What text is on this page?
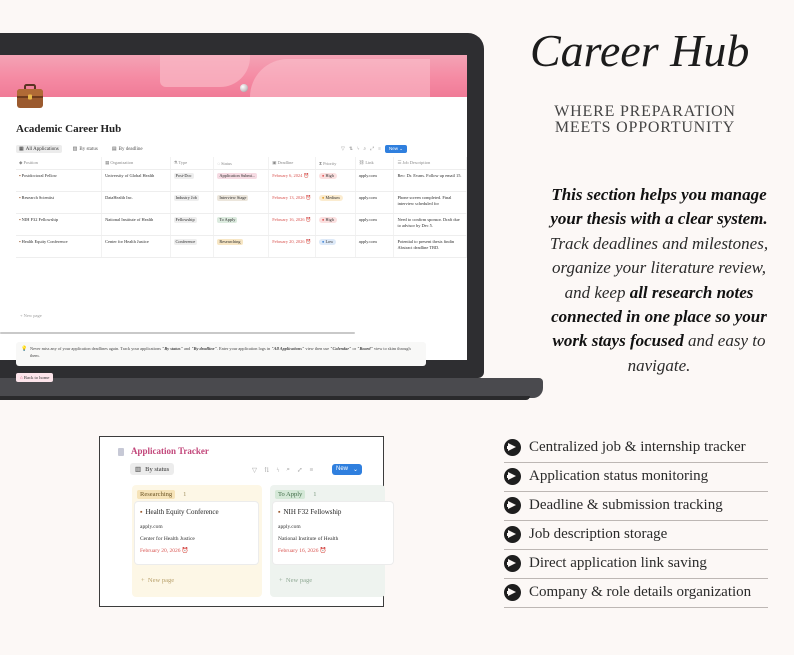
Academic Career Hub
▦ All Applications	▥ By status	▤ By deadline	▽ ⇅ ϟ ⌕ ⤢ ≡	New ⌄
◆ Position	▦ Organization	⚗ Type	◌ Status	▣ Deadline	⧗ Priority	⛓ Link	☰ Job Description
▪ Postdoctoral Fellow	University of Global Health	Post-Doc	Application Submi...	February 6, 2024 ⏰	● High	apply.com	Rec: Dr. Evans. Follow up email 15.
▪ Research Scientist	DataHealth Inc.	Industry Job	Interview Stage	February 13, 2026 ⏰	● Medium	apply.com	Phone screen completed. Final interview scheduled for
▪ NIH F32 Fellowship	National Institute of Health	Fellowship	To Apply	February 16, 2026 ⏰	● High	apply.com	Need to confirm sponsor. Draft due to advisor by Dec 5.
▪ Health Equity Conference	Center for Health Justice	Conference	Researching	February 20, 2026 ⏰	● Low	apply.com	Potential to present thesis findin Abstract deadline TBD.
+ New page
💡 Never miss any of your application deadlines again. Track your applications "By status" and "By deadline". Enter your application logs in "All Applications" view then use "Calendar" or "Board" view to skim through them.
⌂ Back to home
Career Hub
WHERE PREPARATION
MEETS OPPORTUNITY
This section helps you manage your thesis with a clear system. Track deadlines and milestones, organize your literature review, and keep all research notes connected in one place so your work stays focused and easy to navigate.
Application Tracker
▥ By status	▽ ⇅ ϟ ⌕ ⤢ ≡	New ⌄
Researching	1
▪ Health Equity Conference
apply.com
Center for Health Justice
February 20, 2026 ⏰
+  New page
To Apply	1
▪ NIH F32 Fellowship
apply.com
National Institute of Health
February 16, 2026 ⏰
+  New page
Centralized job & internship tracker
Application status monitoring
Deadline & submission tracking
Job description storage
Direct application link saving
Company & role details organization
